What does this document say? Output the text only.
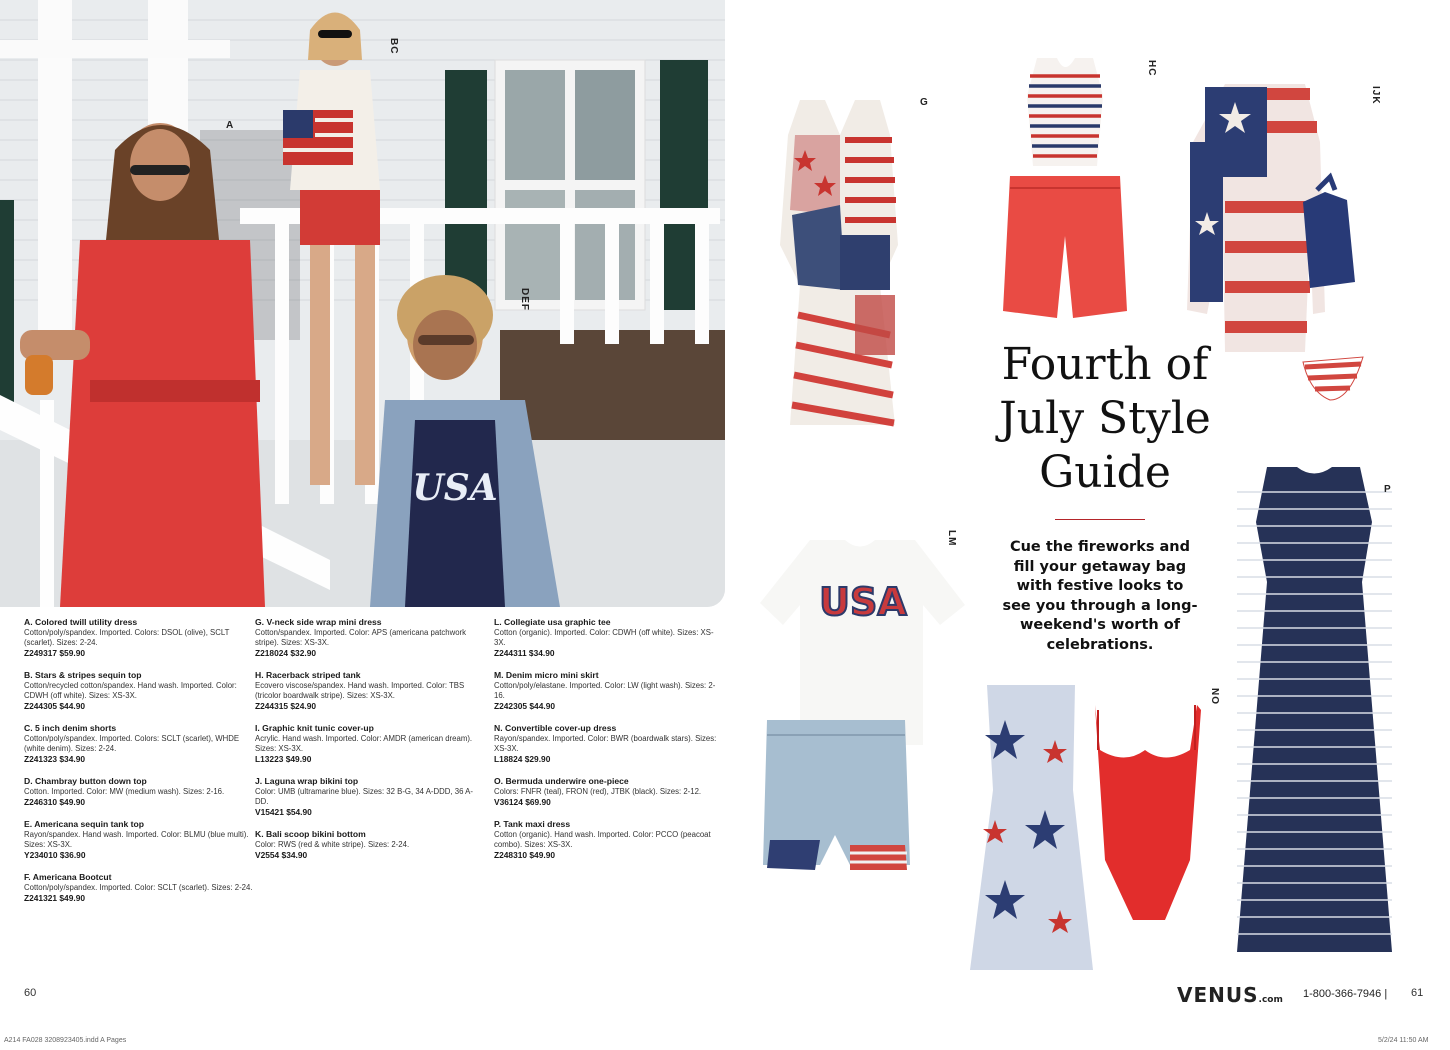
USA
A
BC
DEF
A. Colored twill utility dress
Cotton/poly/spandex. Imported. Colors: DSOL (olive), SCLT (scarlet). Sizes: 2-24.
Z249317 $59.90
B. Stars & stripes sequin top
Cotton/recycled cotton/spandex. Hand wash. Imported. Color: CDWH (off white). Sizes: XS-3X.
Z244305 $44.90
C. 5 inch denim shorts
Cotton/poly/spandex. Imported. Colors: SCLT (scarlet), WHDE (white denim). Sizes: 2-24.
Z241323 $34.90
D. Chambray button down top
Cotton. Imported. Color: MW (medium wash). Sizes: 2-16.
Z246310 $49.90
E. Americana sequin tank top
Rayon/spandex. Hand wash. Imported. Color: BLMU (blue multi). Sizes: XS-3X.
Y234010 $36.90
F. Americana Bootcut
Cotton/poly/spandex. Imported. Color: SCLT (scarlet). Sizes: 2-24.
Z241321 $49.90
G. V-neck side wrap mini dress
Cotton/spandex. Imported. Color: APS (americana patchwork stripe). Sizes: XS-3X.
Z218024 $32.90
H. Racerback striped tank
Ecovero viscose/spandex. Hand wash. Imported. Color: TBS (tricolor boardwalk stripe). Sizes: XS-3X.
Z244315 $24.90
I. Graphic knit tunic cover-up
Acrylic. Hand wash. Imported. Color: AMDR (american dream). Sizes: XS-3X.
L13223 $49.90
J. Laguna wrap bikini top
Color: UMB (ultramarine blue). Sizes: 32 B-G, 34 A-DDD, 36 A-DD.
V15421 $54.90
K. Bali scoop bikini bottom
Color: RWS (red & white stripe). Sizes: 2-24.
V2554 $34.90
L. Collegiate usa graphic tee
Cotton (organic). Imported. Color: CDWH (off white). Sizes: XS-3X.
Z244311 $34.90
M. Denim micro mini skirt
Cotton/poly/elastane. Imported. Color: LW (light wash). Sizes: 2-16.
Z242305 $44.90
N. Convertible cover-up dress
Rayon/spandex. Imported. Color: BWR (boardwalk stars). Sizes: XS-3X.
L18824 $29.90
O. Bermuda underwire one-piece
Colors: FNFR (teal), FRON (red), JTBK (black). Sizes: 2-12.
V36124 $69.90
P. Tank maxi dress
Cotton (organic). Hand wash. Imported. Color: PCCO (peacoat combo). Sizes: XS-3X.
Z248310 $49.90
60
A214 FA028 3208923405.indd A Pages
G
HC
IJK
USA
LM
NO
P
Fourth of July Style Guide
Cue the fireworks and fill your getaway bag with festive looks to see you through a long-weekend's worth of celebrations.
VENUS.com 1-800-366-7946 | 61
5/2/24 11:50 AM
